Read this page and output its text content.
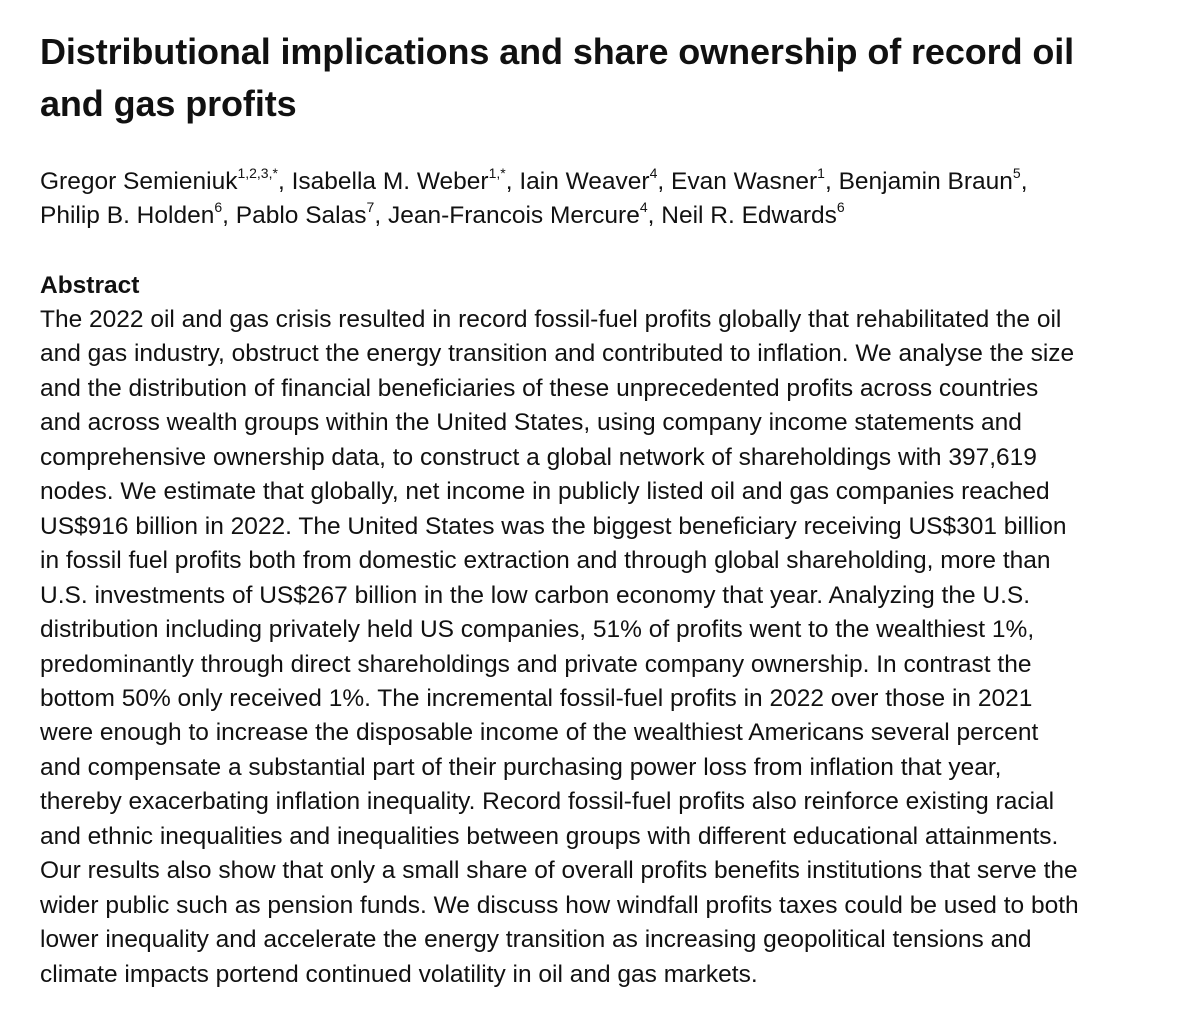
Distributional implications and share ownership of record oil
and gas profits

Gregor Semieniuk$^{1,2,3,*}$, Isabella M. Weber$^{1,*}$, Iain Weaver$^4$, Evan Wasner$^1$, Benjamin Braun$^5$,
Philip B. Holden$^6$, Pablo Salas$^7$, Jean-Francois Mercure$^4$, Neil R. Edwards$^6$

Abstract

The 2022 oil and gas crisis resulted in record fossil-fuel profits globally that rehabilitated the oil
and gas industry, obstruct the energy transition and contributed to inflation. We analyse the size
and the distribution of financial beneficiaries of these unprecedented profits across countries
and across wealth groups within the United States, using company income statements and
comprehensive ownership data, to construct a global network of shareholdings with 397,619
nodes. We estimate that globally, net income in publicly listed oil and gas companies reached
US$916 billion in 2022. The United States was the biggest beneficiary receiving US$301 billion
in fossil fuel profits both from domestic extraction and through global shareholding, more than
U.S. investments of US$267 billion in the low carbon economy that year. Analyzing the U.S.
distribution including privately held US companies, 51% of profits went to the wealthiest 1%,
predominantly through direct shareholdings and private company ownership. In contrast the
bottom 50% only received 1%. The incremental fossil-fuel profits in 2022 over those in 2021
were enough to increase the disposable income of the wealthiest Americans several percent
and compensate a substantial part of their purchasing power loss from inflation that year,
thereby exacerbating inflation inequality. Record fossil-fuel profits also reinforce existing racial
and ethnic inequalities and inequalities between groups with different educational attainments.
Our results also show that only a small share of overall profits benefits institutions that serve the
wider public such as pension funds. We discuss how windfall profits taxes could be used to both
lower inequality and accelerate the energy transition as increasing geopolitical tensions and
climate impacts portend continued volatility in oil and gas markets.
